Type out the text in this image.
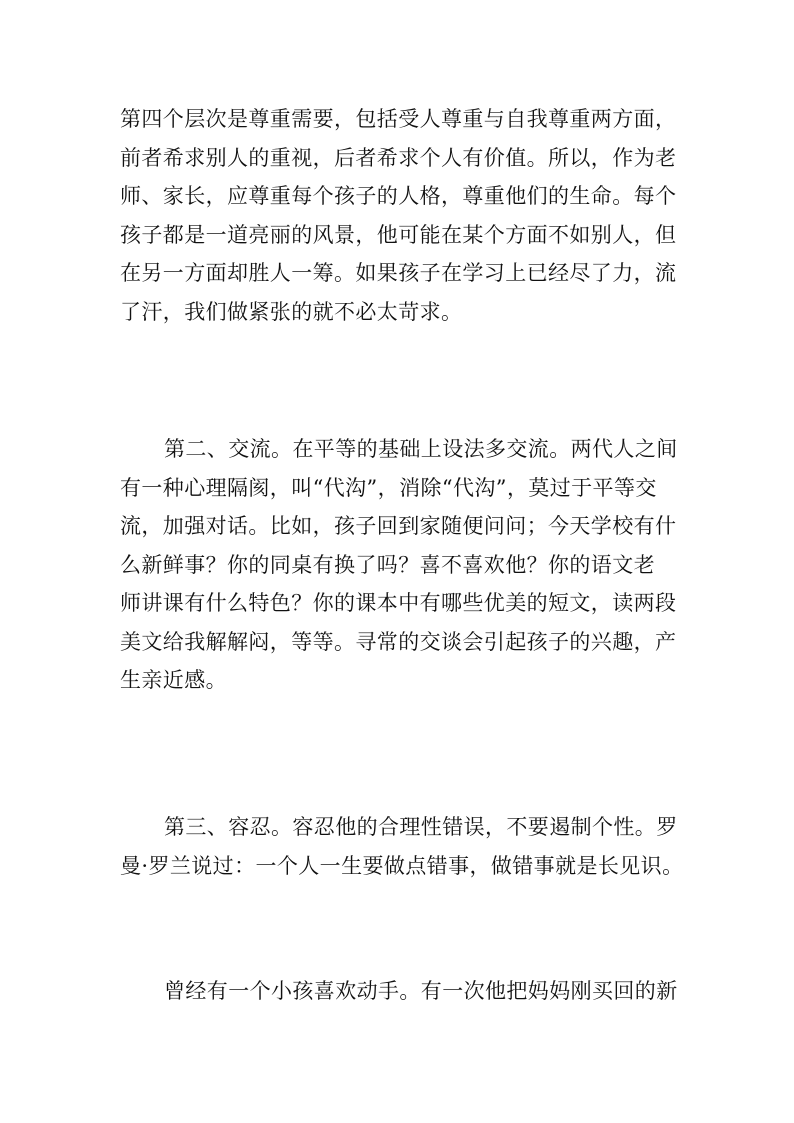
第四个层次是尊重需要，包括受人尊重与自我尊重两方面，
前者希求别人的重视，后者希求个人有价值。所以，作为老
师、家长，应尊重每个孩子的人格，尊重他们的生命。每个
孩子都是一道亮丽的风景，他可能在某个方面不如别人，但
在另一方面却胜人一筹。如果孩子在学习上已经尽了力，流
了汗，我们做紧张的就不必太苛求。
第二、交流。在平等的基础上设法多交流。两代人之间
有一种心理隔阂，叫“代沟”，消除“代沟”，莫过于平等交
流，加强对话。比如，孩子回到家随便问问；今天学校有什
么新鲜事？你的同桌有换了吗？喜不喜欢他？你的语文老
师讲课有什么特色？你的课本中有哪些优美的短文，读两段
美文给我解解闷，等等。寻常的交谈会引起孩子的兴趣，产
生亲近感。
第三、容忍。容忍他的合理性错误，不要遏制个性。罗
曼·罗兰说过：一个人一生要做点错事，做错事就是长见识。
曾经有一个小孩喜欢动手。有一次他把妈妈刚买回的新
